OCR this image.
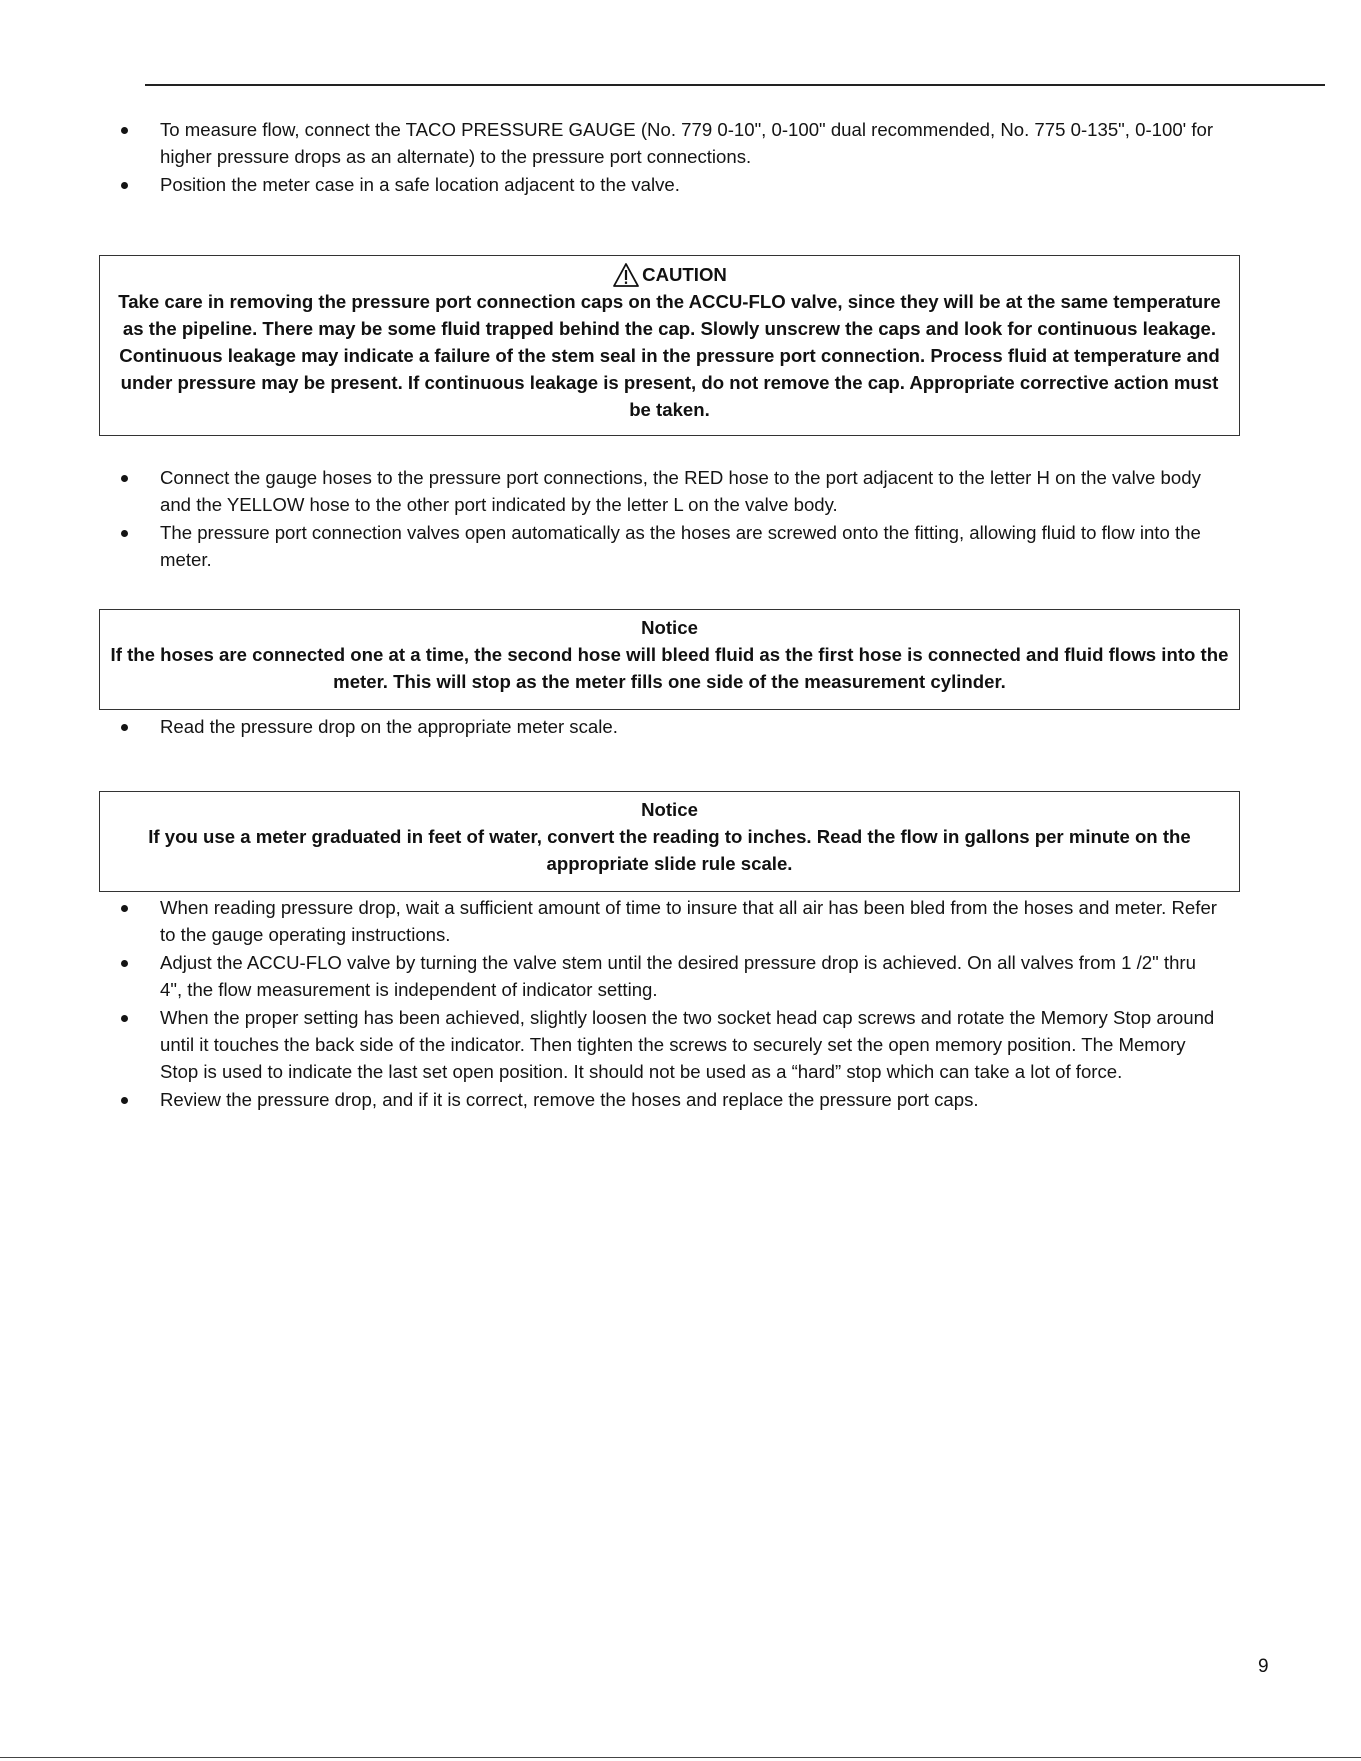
To measure flow, connect the TACO PRESSURE GAUGE (No. 779 0-10", 0-100" dual recommended, No. 775 0-135", 0-100' for higher pressure drops as an alternate) to the pressure port connections.
Position the meter case in a safe location adjacent to the valve.
CAUTION
Take care in removing the pressure port connection caps on the ACCU-FLO valve, since they will be at the same temperature as the pipeline. There may be some fluid trapped behind the cap. Slowly unscrew the caps and look for continuous leakage. Continuous leakage may indicate a failure of the stem seal in the pressure port connection. Process fluid at temperature and under pressure may be present. If continuous leakage is present, do not remove the cap. Appropriate corrective action must be taken.
Connect the gauge hoses to the pressure port connections, the RED hose to the port adjacent to the letter H on the valve body and the YELLOW hose to the other port indicated by the letter L on the valve body.
The pressure port connection valves open automatically as the hoses are screwed onto the fitting, allowing fluid to flow into the meter.
Notice
If the hoses are connected one at a time, the second hose will bleed fluid as the first hose is connected and fluid flows into the meter. This will stop as the meter fills one side of the measurement cylinder.
Read the pressure drop on the appropriate meter scale.
Notice
If you use a meter graduated in feet of water, convert the reading to inches. Read the flow in gallons per minute on the appropriate slide rule scale.
When reading pressure drop, wait a sufficient amount of time to insure that all air has been bled from the hoses and meter. Refer to the gauge operating instructions.
Adjust the ACCU-FLO valve by turning the valve stem until the desired pressure drop is achieved. On all valves from 1 /2" thru 4", the flow measurement is independent of indicator setting.
When the proper setting has been achieved, slightly loosen the two socket head cap screws and rotate the Memory Stop around until it touches the back side of the indicator. Then tighten the screws to securely set the open memory position. The Memory Stop is used to indicate the last set open position. It should not be used as a “hard” stop which can take a lot of force.
Review the pressure drop, and if it is correct, remove the hoses and replace the pressure port caps.
9
